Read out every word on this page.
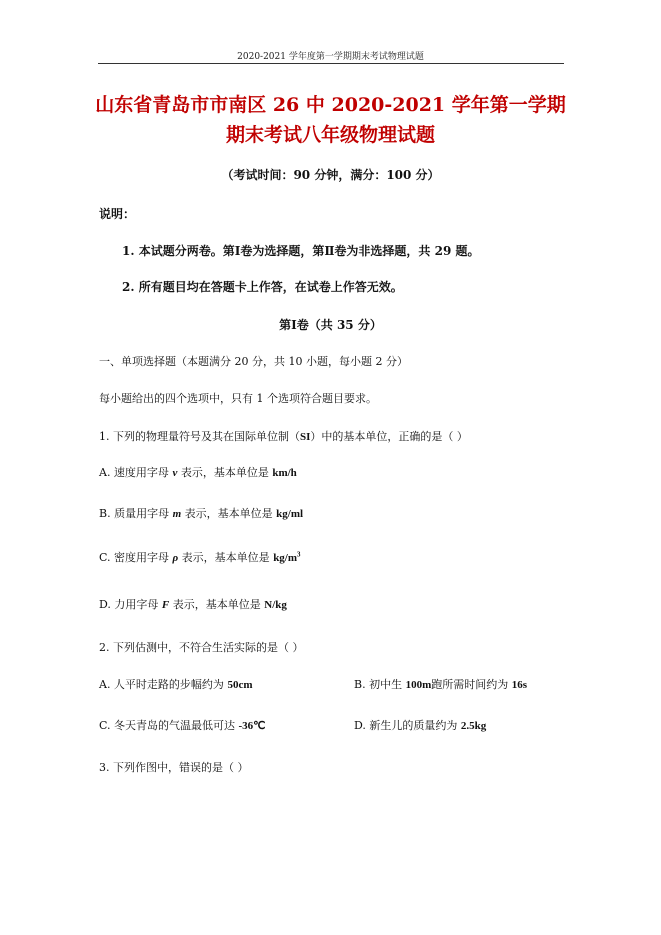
2020-2021 学年度第一学期期末考试物理试题
山东省青岛市市南区 26 中 2020-2021 学年第一学期
期末考试八年级物理试题
（考试时间：90 分钟，满分：100 分）
说明：
1. 本试题分两卷。第Ⅰ卷为选择题，第Ⅱ卷为非选择题，共 29 题。
2. 所有题目均在答题卡上作答，在试卷上作答无效。
第Ⅰ卷（共 35 分）
一、单项选择题（本题满分 20 分，共 10 小题，每小题 2 分）
每小题给出的四个选项中，只有 1 个选项符合题目要求。
1. 下列的物理量符号及其在国际单位制（SI）中的基本单位，正确的是（ ）
A. 速度用字母 v 表示，基本单位是 km/h
B. 质量用字母 m 表示，基本单位是 kg/ml
C. 密度用字母 ρ 表示，基本单位是 $kg/m^3$
D. 力用字母 F 表示，基本单位是 N/kg
2. 下列估测中，不符合生活实际的是（ ）
A. 人平时走路的步幅约为 50cm	B. 初中生 100m跑所需时间约为 16s
C. 冬天青岛的气温最低可达 -36℃	D. 新生儿的质量约为 2.5kg
3. 下列作图中，错误的是（ ）
